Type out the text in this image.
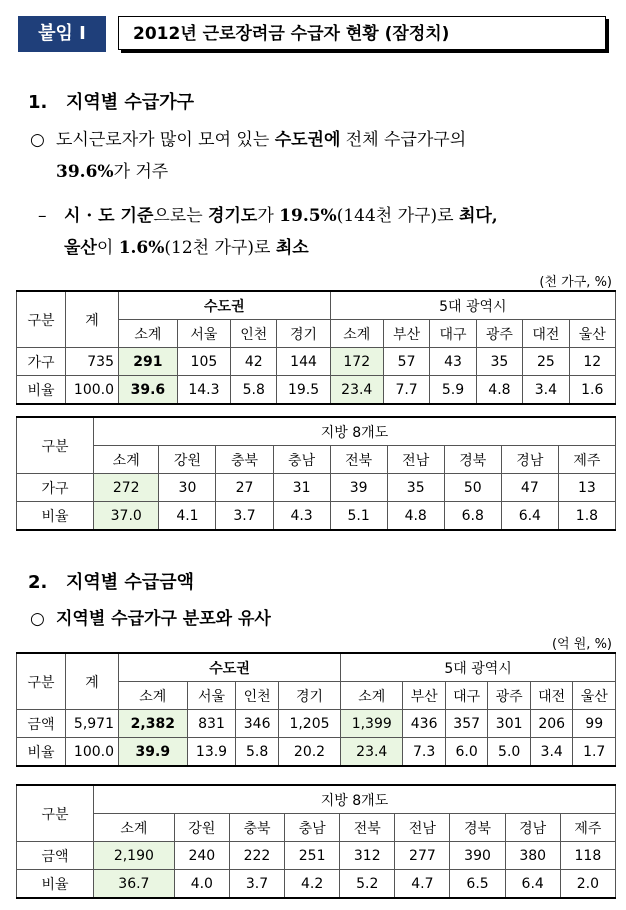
붙임 Ⅰ	2012년 근로장려금 수급자 현황 (잠정치)
1. 지역별 수급가구
○ 도시근로자가 많이 모여 있는 수도권에 전체 수급가구의
39.6%가 거주
– 시 · 도 기준으로는 경기도가 19.5%(144천 가구)로 최다,
울산이 1.6%(12천 가구)로 최소
(천 가구, %)
구분	계	수도권				5대 광역시					
		소계	서울	인천	경기	소계	부산	대구	광주	대전	울산
가구	735	291	105	42	144	172	57	43	35	25	12
비율	100.0	39.6	14.3	5.8	19.5	23.4	7.7	5.9	4.8	3.4	1.6
구분	지방 8개도								
	소계	강원	충북	충남	전북	전남	경북	경남	제주
가구	272	30	27	31	39	35	50	47	13
비율	37.0	4.1	3.7	4.3	5.1	4.8	6.8	6.4	1.8
2. 지역별 수급금액
○ 지역별 수급가구 분포와 유사
(억 원, %)
구분	계	수도권				5대 광역시					
		소계	서울	인천	경기	소계	부산	대구	광주	대전	울산
금액	5,971	2,382	831	346	1,205	1,399	436	357	301	206	99
비율	100.0	39.9	13.9	5.8	20.2	23.4	7.3	6.0	5.0	3.4	1.7
구분	지방 8개도								
	소계	강원	충북	충남	전북	전남	경북	경남	제주
금액	2,190	240	222	251	312	277	390	380	118
비율	36.7	4.0	3.7	4.2	5.2	4.7	6.5	6.4	2.0
